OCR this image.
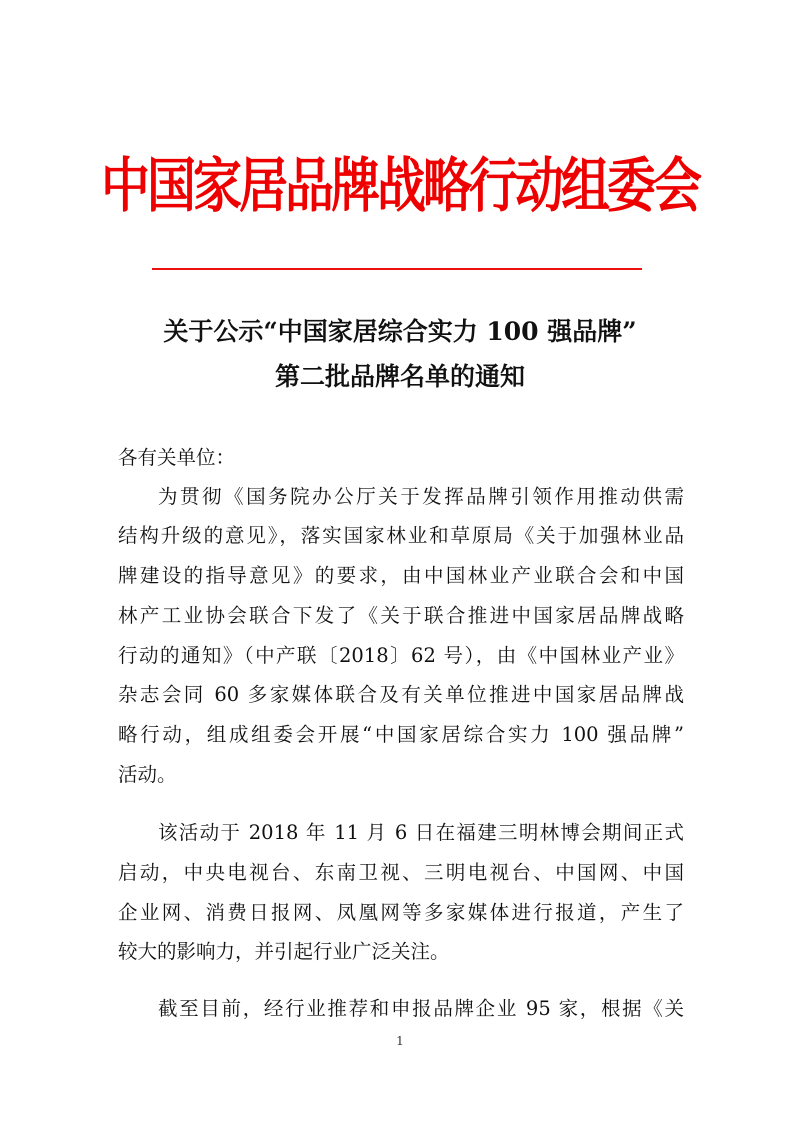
中国家居品牌战略行动组委会
关于公示“中国家居综合实力 100 强品牌”
第二批品牌名单的通知
各有关单位：
为贯彻《国务院办公厅关于发挥品牌引领作用推动供需
结构升级的意见》，落实国家林业和草原局《关于加强林业品
牌建设的指导意见》的要求，由中国林业产业联合会和中国
林产工业协会联合下发了《关于联合推进中国家居品牌战略
行动的通知》（中产联〔2018〕62 号），由《中国林业产业》
杂志会同 60 多家媒体联合及有关单位推进中国家居品牌战
略行动，组成组委会开展“中国家居综合实力 100 强品牌”
活动。
该活动于 2018 年 11 月 6 日在福建三明林博会期间正式
启动，中央电视台、东南卫视、三明电视台、中国网、中国
企业网、消费日报网、凤凰网等多家媒体进行报道，产生了
较大的影响力，并引起行业广泛关注。
截至目前，经行业推荐和申报品牌企业 95 家，根据《关
1
